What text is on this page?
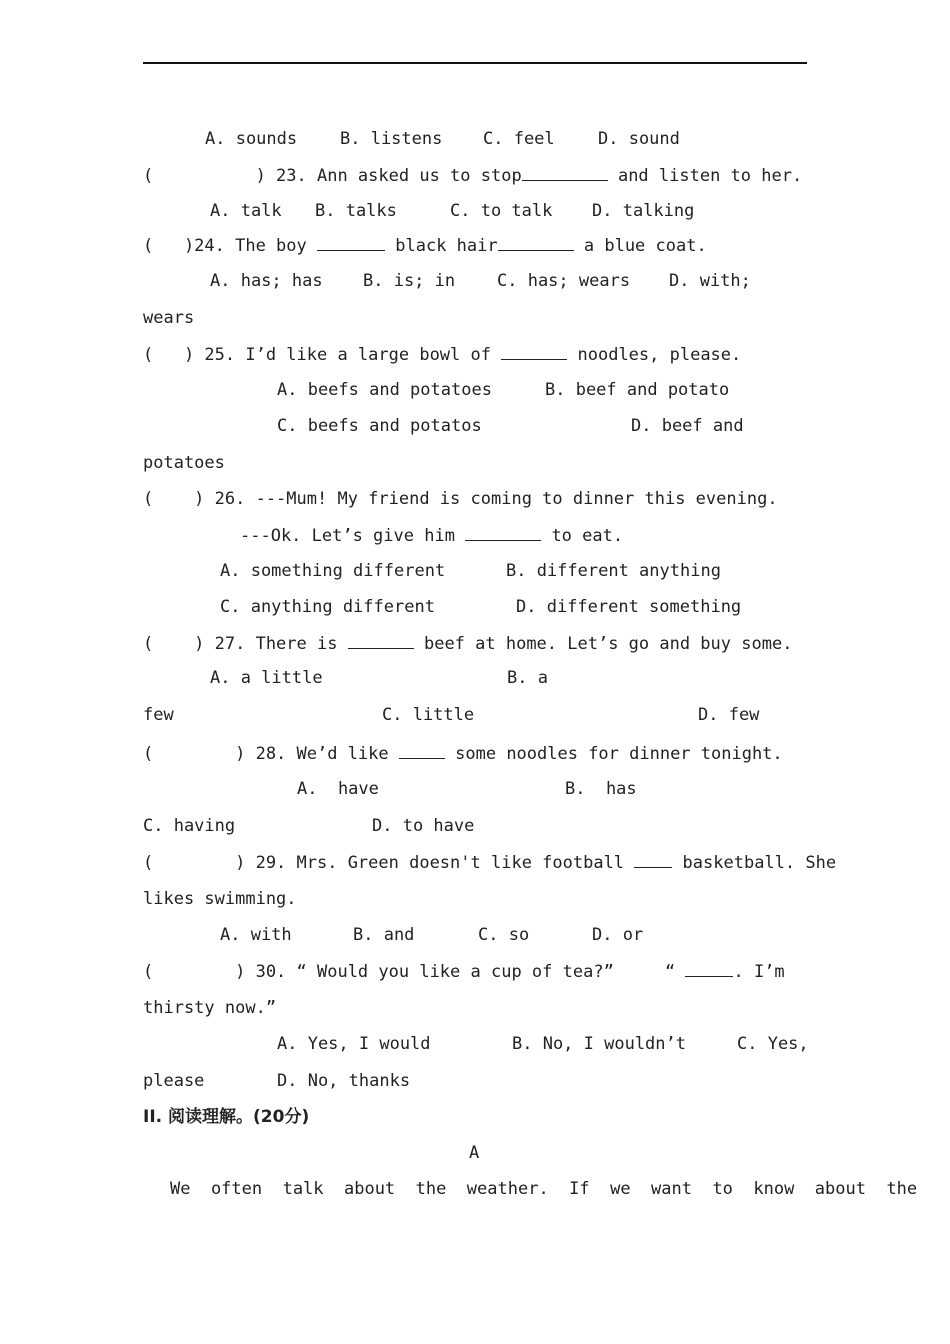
A. sounds	B. listens C. feel	D. sound
(          ) 23. Ann asked us to stop	and listen to her.
A. talk B. talks	C. to talk D. talking
(   )24. The boy	black hair	a blue coat.
A. has; has B. is; in C. has; wears D. with;
wears
(   ) 25. I’d like a large bowl of	noodles, please.
A. beefs and potatoes	B. beef and potato
C. beefs and potatos	D. beef and
potatoes
(    ) 26. ---Mum! My friend is coming to dinner this evening.
---Ok. Let’s give him	to eat.
A. something different	B. different anything
C. anything different	D. different something
(    ) 27. There is	beef at home. Let’s go and buy some.
A. a little	B. a
few	C. little	D. few
(        ) 28. We’d like	some noodles for dinner tonight.
A.  have	B.  has
C. having	D. to have
(        ) 29. Mrs. Green doesn't like football	basketball. She
likes swimming.
A. with	B. and	C. so	D. or
(        ) 30. “ Would you like a cup of tea?”     “	. I’m
thirsty now.”
A. Yes, I would	B. No, I wouldn’t	C. Yes,
please	D. No, thanks
II. 阅读理解。(20分)
A
We  often  talk  about  the  weather.  If  we  want  to  know  about  the
